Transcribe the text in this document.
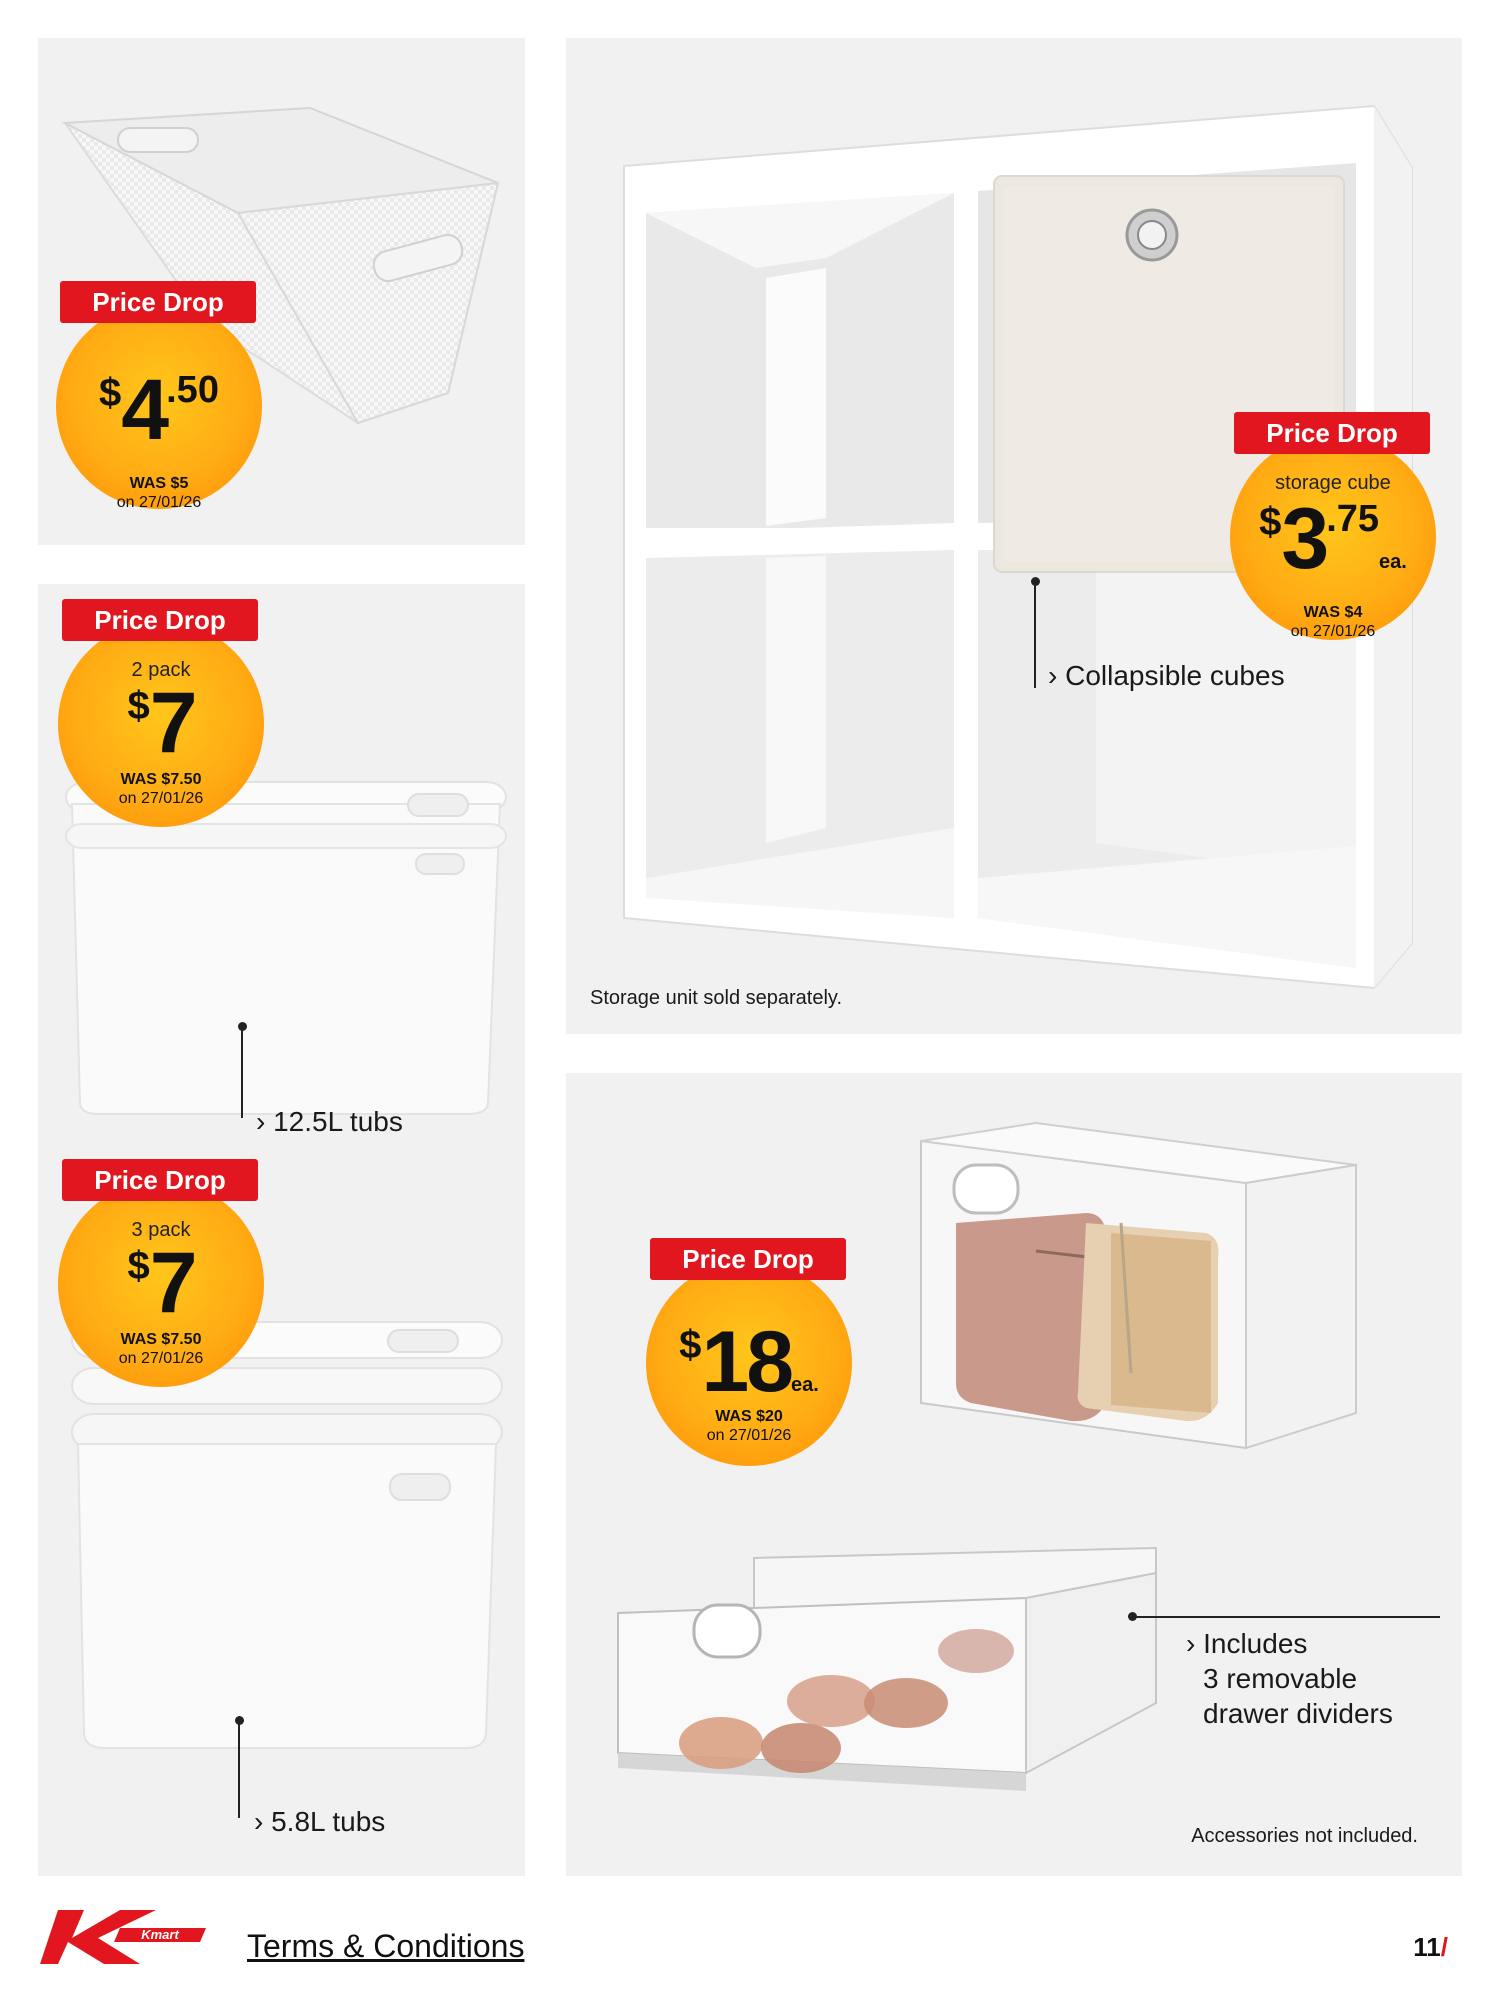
Price Drop
$4.50
WAS $5
on 27/01/26
Price Drop
2 pack
$7
WAS $7.50
on 27/01/26
› 12.5L tubs
Price Drop
3 pack
$7
WAS $7.50
on 27/01/26
› 5.8L tubs
Price Drop
storage cube
$3.75ea.
WAS $4
on 27/01/26
› Collapsible cubes
Storage unit sold separately.
Price Drop
$18ea.
WAS $20
on 27/01/26
› Includes
3 removable
drawer dividers
Accessories not included.
Kmart Terms & Conditions	11/
